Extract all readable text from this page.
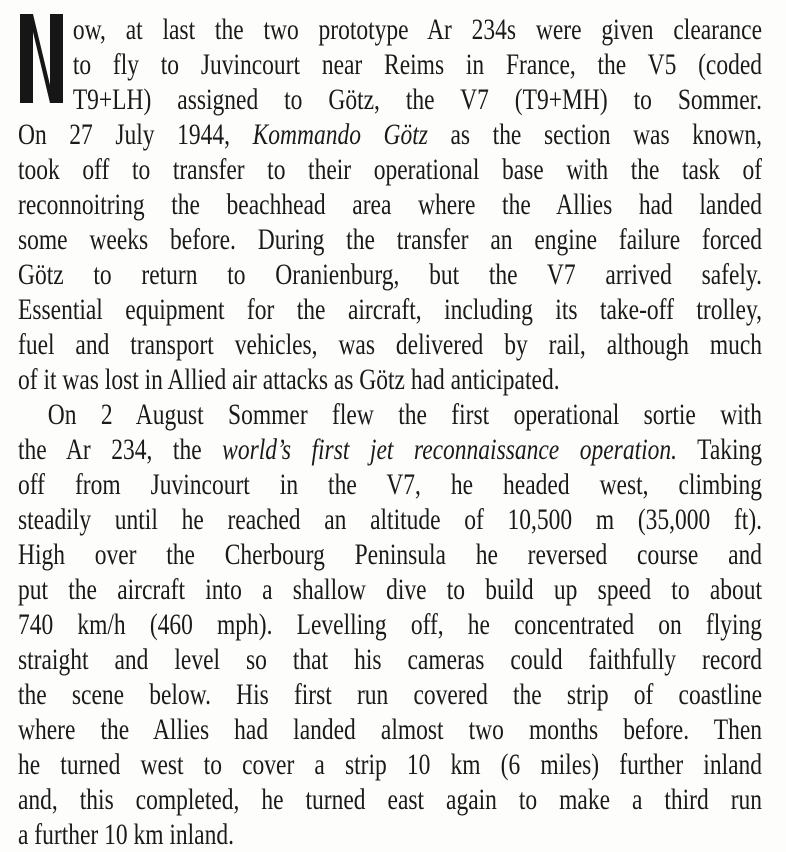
ow, at last the two prototype Ar 234s were given clearance
to fly to Juvincourt near Reims in France, the V5 (coded
T9+LH) assigned to Götz, the V7 (T9+MH) to Sommer.
On 27 July 1944, Kommando Götz as the section was known,
took off to transfer to their operational base with the task of
reconnoitring the beachhead area where the Allies had landed
some weeks before. During the transfer an engine failure forced
Götz to return to Oranienburg, but the V7 arrived safely.
Essential equipment for the aircraft, including its take-off trolley,
fuel and transport vehicles, was delivered by rail, although much
of it was lost in Allied air attacks as Götz had anticipated.
On 2 August Sommer flew the first operational sortie with
the Ar 234, the world’s first jet reconnaissance operation. Taking
off from Juvincourt in the V7, he headed west, climbing
steadily until he reached an altitude of 10,500 m (35,000 ft).
High over the Cherbourg Peninsula he reversed course and
put the aircraft into a shallow dive to build up speed to about
740 km/h (460 mph). Levelling off, he concentrated on flying
straight and level so that his cameras could faithfully record
the scene below. His first run covered the strip of coastline
where the Allies had landed almost two months before. Then
he turned west to cover a strip 10 km (6 miles) further inland
and, this completed, he turned east again to make a third run
a further 10 km inland.
